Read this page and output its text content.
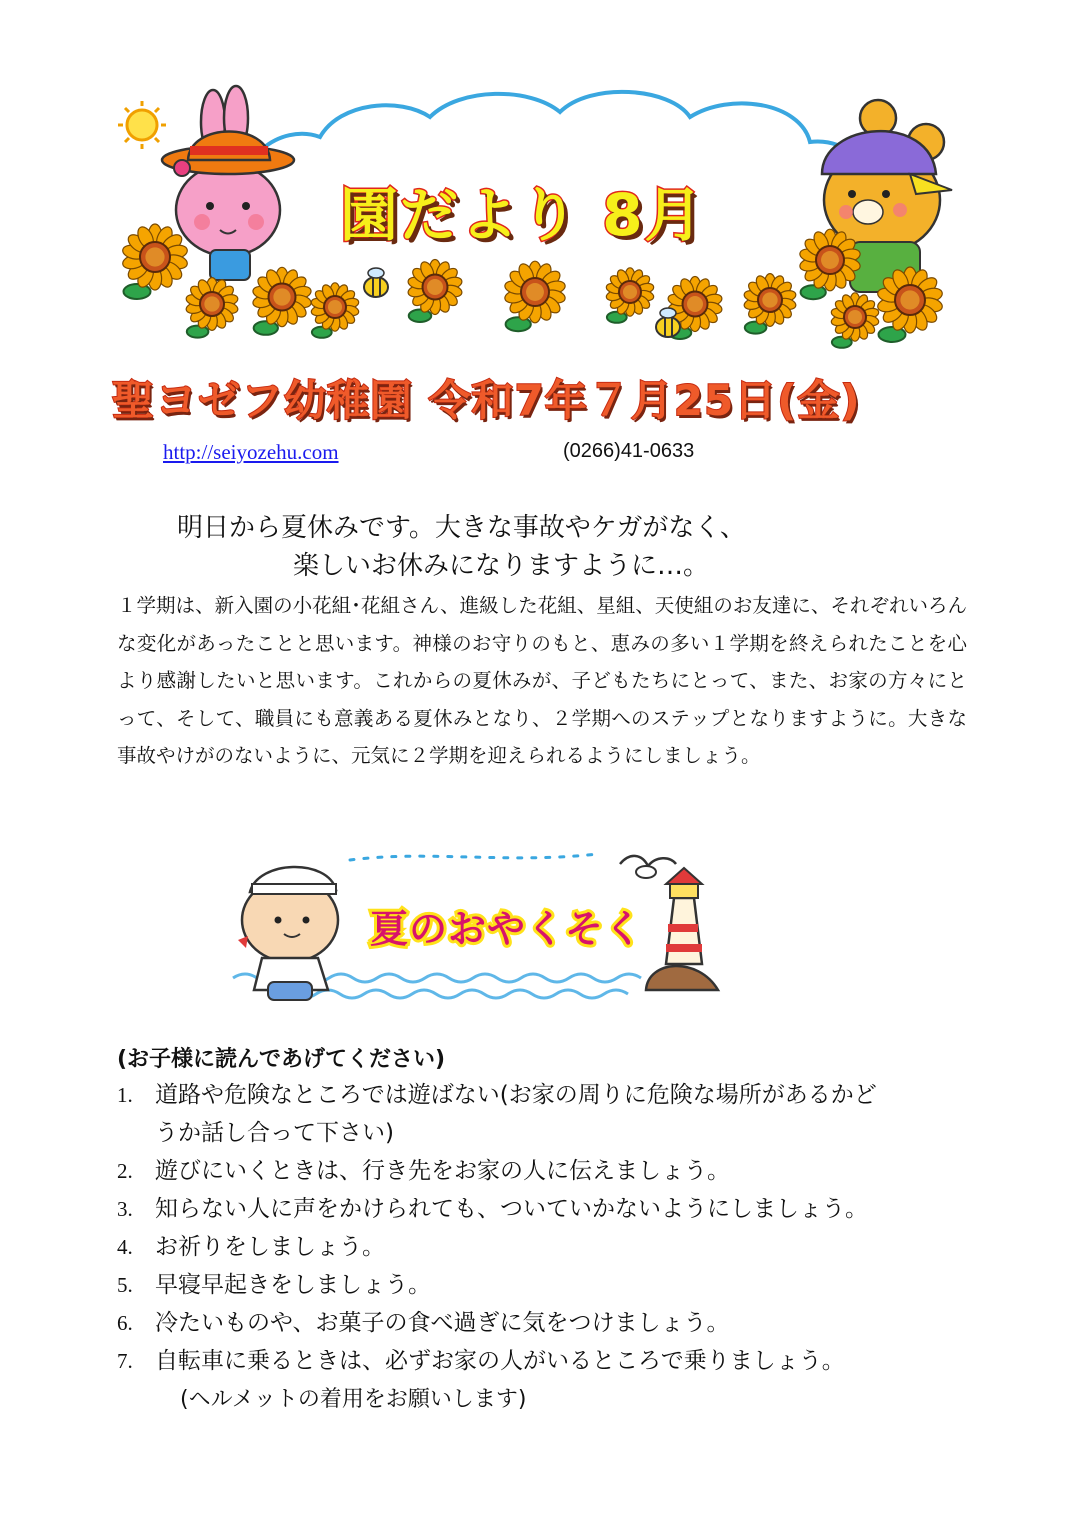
園だより 8月
聖ヨゼフ幼稚園 令和7年７月25日(金)
http://seiyozehu.com	(0266)41-0633
明日から夏休みです。大きな事故やケガがなく、
楽しいお休みになりますように…。
１学期は、新入園の小花組･花組さん、進級した花組、星組、天使組のお友達に、それぞれいろんな変化があったことと思います。神様のお守りのもと、恵みの多い１学期を終えられたことを心より感謝したいと思います。これからの夏休みが、子どもたちにとって、また、お家の方々にとって、そして、職員にも意義ある夏休みとなり、２学期へのステップとなりますように。大きな事故やけがのないように、元気に２学期を迎えられるようにしましょう。
夏のおやくそく
(お子様に読んであげてください)
1. 道路や危険なところでは遊ばない(お家の周りに危険な場所があるかど
うか話し合って下さい)
2. 遊びにいくときは、行き先をお家の人に伝えましょう。
3. 知らない人に声をかけられても、ついていかないようにしましょう。
4. お祈りをしましょう。
5. 早寝早起きをしましょう。
6. 冷たいものや、お菓子の食べ過ぎに気をつけましょう。
7. 自転車に乗るときは、必ずお家の人がいるところで乗りましょう。
(ヘルメットの着用をお願いします)
